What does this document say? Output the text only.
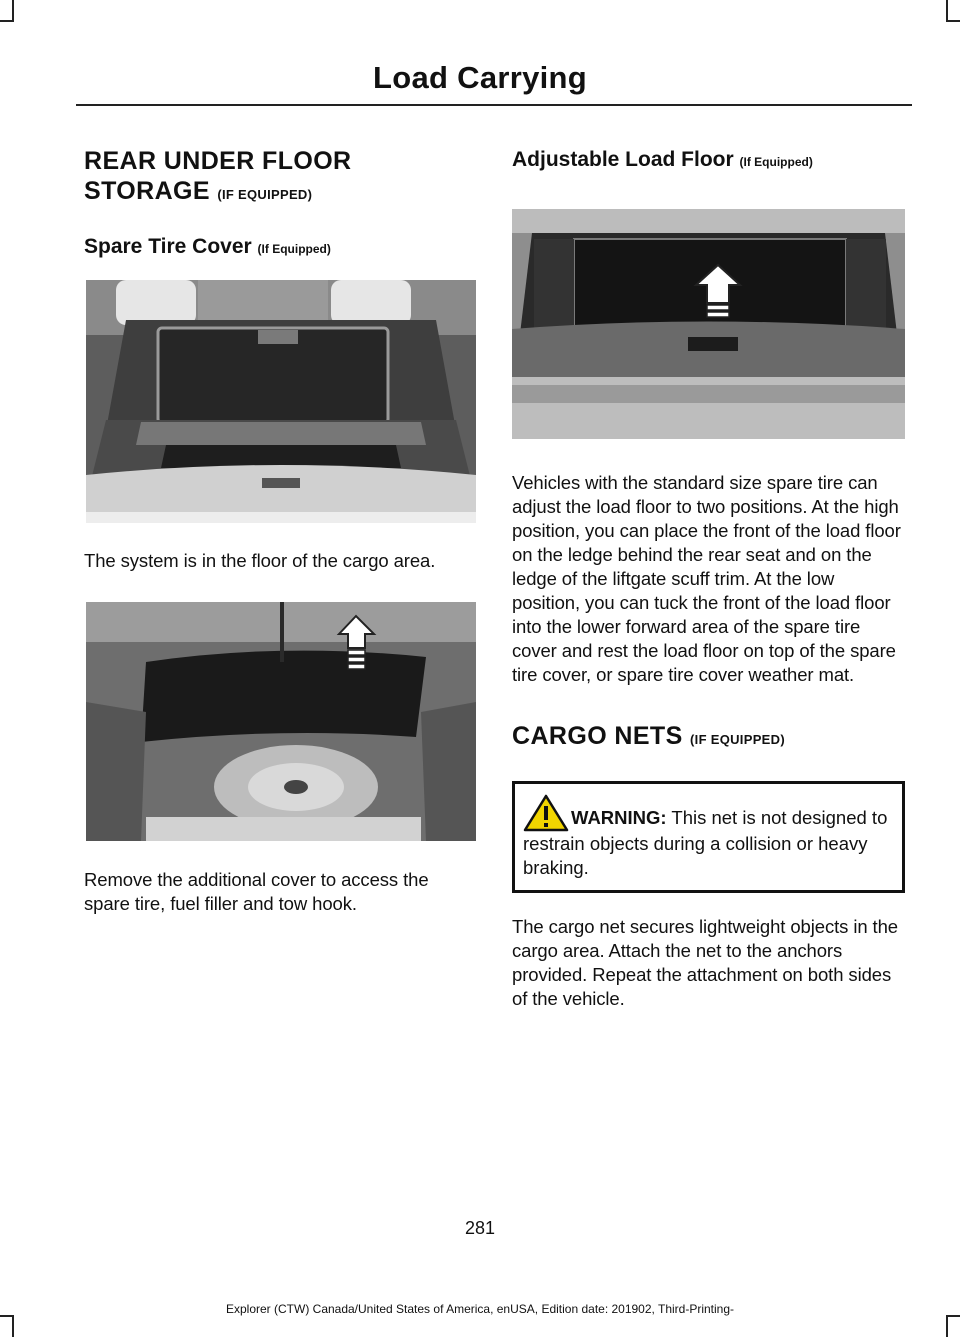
Load Carrying
REAR UNDER FLOOR
STORAGE (IF EQUIPPED)
Spare Tire Cover (If Equipped)

The system is in the floor of the cargo area.

Remove the additional cover to access the spare tire, fuel filler and tow hook.

Adjustable Load Floor (If Equipped)

Vehicles with the standard size spare tire can adjust the load floor to two positions. At the high position, you can place the front of the load floor on the ledge behind the rear seat and on the ledge of the liftgate scuff trim. At the low position, you can tuck the front of the load floor into the lower forward area of the spare tire cover and rest the load floor on top of the spare tire cover, or spare tire cover weather mat.

CARGO NETS (IF EQUIPPED)

WARNING: This net is not designed to restrain objects during a collision or heavy braking.

The cargo net secures lightweight objects in the cargo area. Attach the net to the anchors provided. Repeat the attachment on both sides of the vehicle.

281
Explorer (CTW) Canada/United States of America, enUSA, Edition date: 201902, Third-Printing-
